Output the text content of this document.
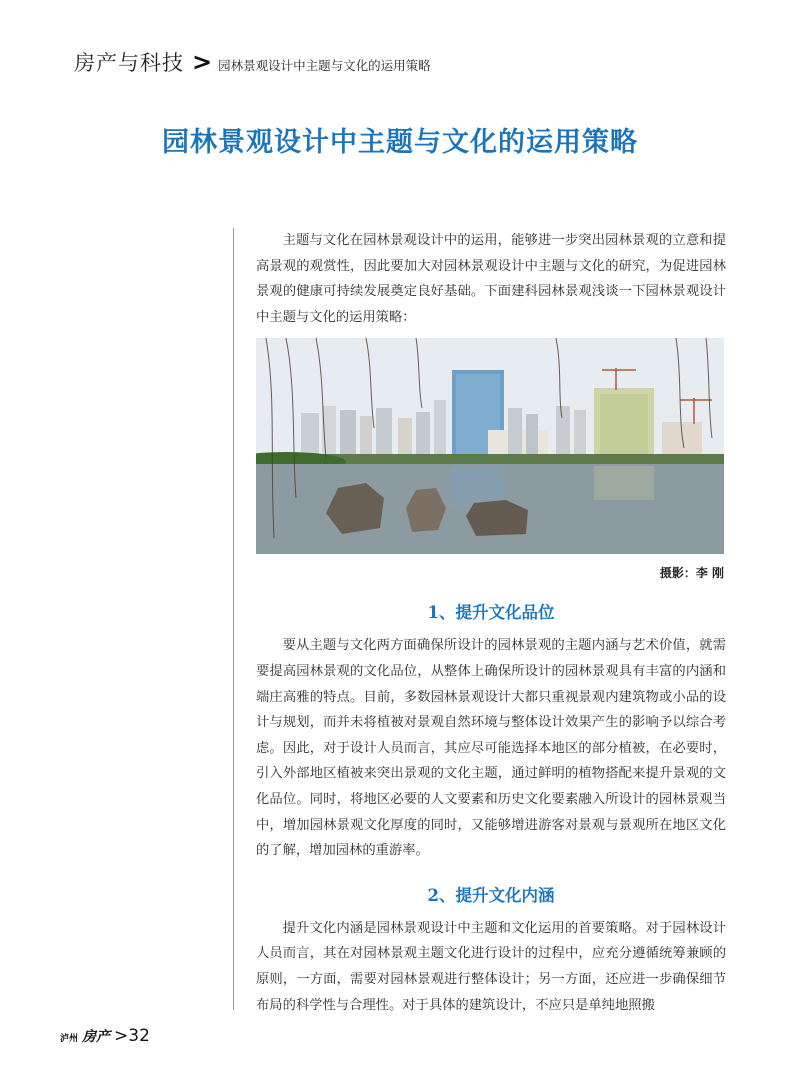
房产与科技 > 园林景观设计中主题与文化的运用策略
园林景观设计中主题与文化的运用策略

主题与文化在园林景观设计中的运用，能够进一步突出园林景观的立意和提高景观的观赏性，因此要加大对园林景观设计中主题与文化的研究，为促进园林景观的健康可持续发展奠定良好基础。下面建科园林景观浅谈一下园林景观设计中主题与文化的运用策略：

摄影：李 刚
1、提升文化品位

要从主题与文化两方面确保所设计的园林景观的主题内涵与艺术价值，就需要提高园林景观的文化品位，从整体上确保所设计的园林景观具有丰富的内涵和端庄高雅的特点。目前，多数园林景观设计大都只重视景观内建筑物或小品的设计与规划，而并未将植被对景观自然环境与整体设计效果产生的影响予以综合考虑。因此，对于设计人员而言，其应尽可能选择本地区的部分植被，在必要时，引入外部地区植被来突出景观的文化主题，通过鲜明的植物搭配来提升景观的文化品位。同时，将地区必要的人文要素和历史文化要素融入所设计的园林景观当中，增加园林景观文化厚度的同时，又能够增进游客对景观与景观所在地区文化的了解，增加园林的重游率。

2、提升文化内涵

提升文化内涵是园林景观设计中主题和文化运用的首要策略。对于园林设计人员而言，其在对园林景观主题文化进行设计的过程中，应充分遵循统筹兼顾的原则，一方面，需要对园林景观进行整体设计；另一方面，还应进一步确保细节布局的科学性与合理性。对于具体的建筑设计，不应只是单纯地照搬

泸州 房产 >32
